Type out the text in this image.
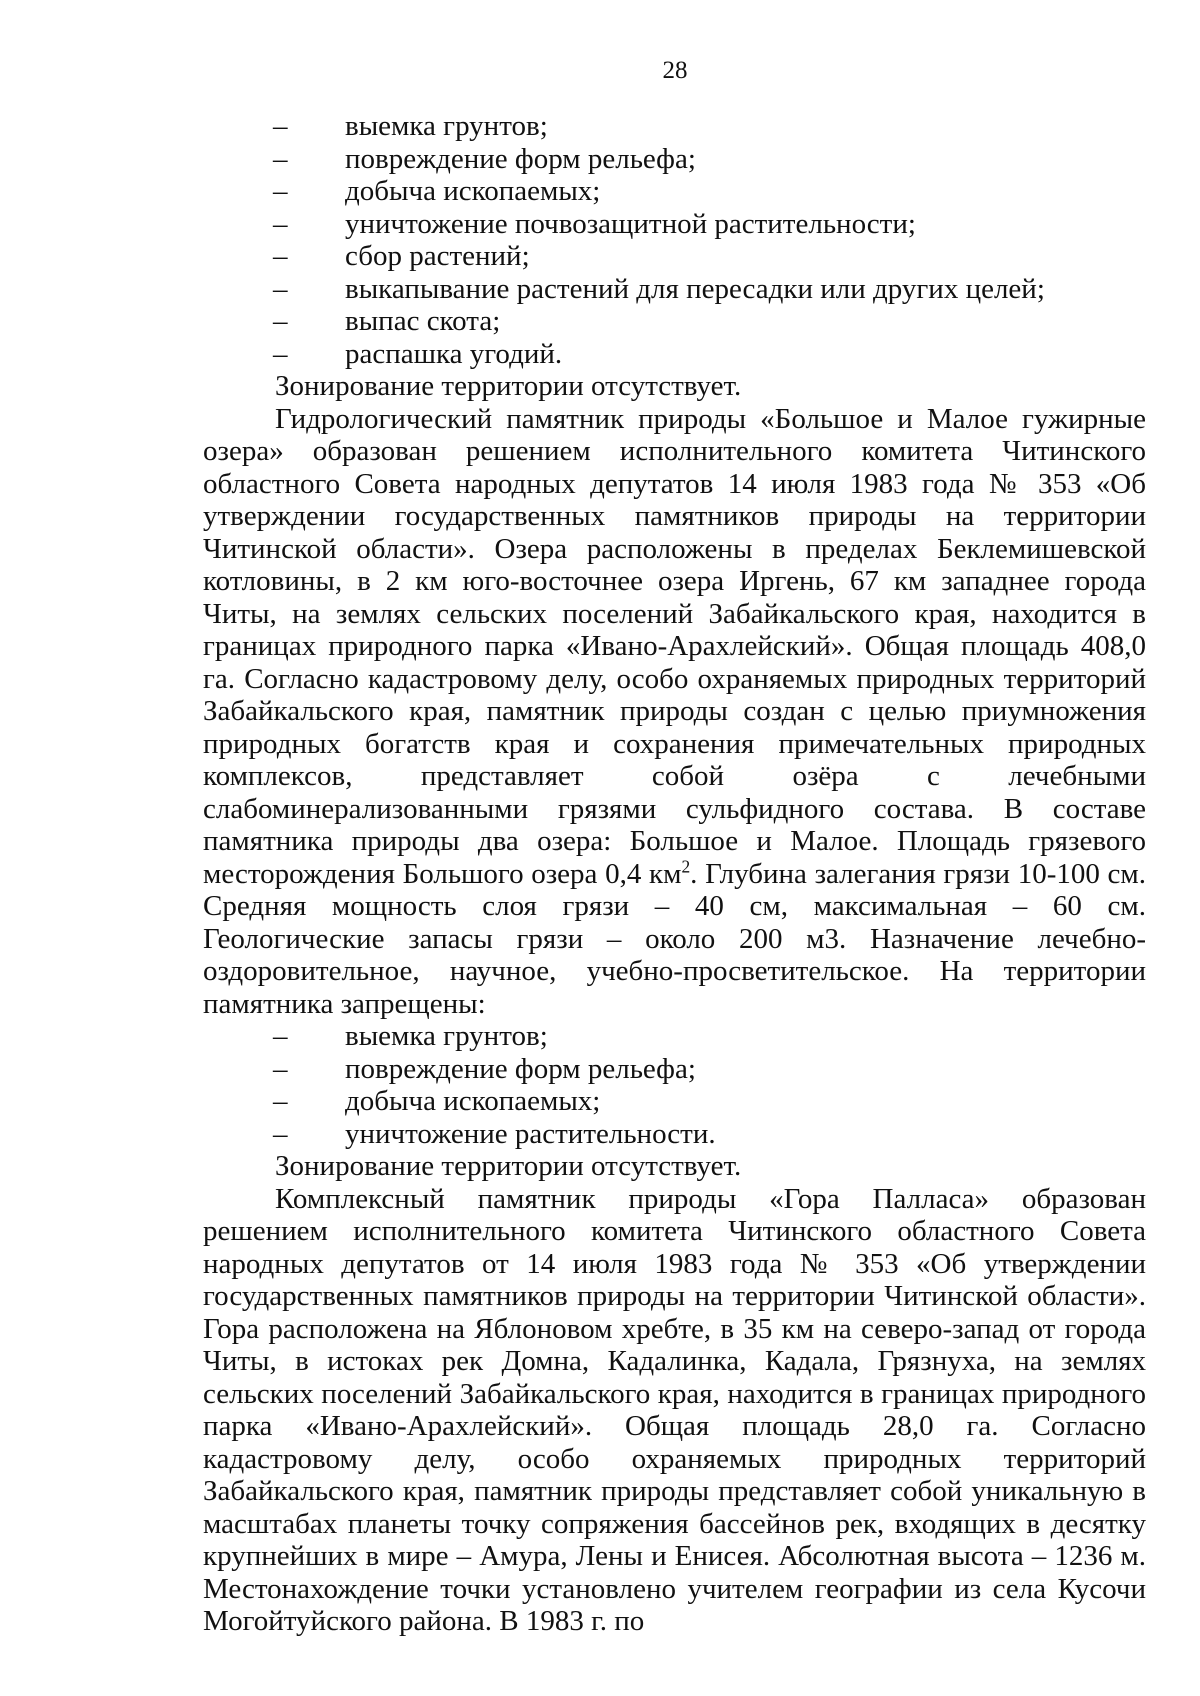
28
– выемка грунтов;
– повреждение форм рельефа;
– добыча ископаемых;
– уничтожение почвозащитной растительности;
– сбор растений;
– выкапывание растений для пересадки или других целей;
– выпас скота;
– распашка угодий.

Зонирование территории отсутствует.

Гидрологический памятник природы «Большое и Малое гужирные озера» образован решением исполнительного комитета Читинского областного Совета народных депутатов 14 июля 1983 года № 353 «Об утверждении государственных памятников природы на территории Читинской области». Озера расположены в пределах Беклемишевской котловины, в 2 км юго-восточнее озера Иргень, 67 км западнее города Читы, на землях сельских поселений Забайкальского края, находится в границах природного парка «Ивано-Арахлейский». Общая площадь 408,0 га. Согласно кадастровому делу, особо охраняемых природных территорий Забайкальского края, памятник природы создан с целью приумножения природных богатств края и сохранения примечательных природных комплексов, представляет собой озёра с лечебными слабоминерализованными грязями сульфидного состава. В составе памятника природы два озера: Большое и Малое. Площадь грязевого месторождения Большого озера 0,4 $км^2$. Глубина залегания грязи 10-100 см. Средняя мощность слоя грязи – 40 см, максимальная – 60 см. Геологические запасы грязи – около 200 м3. Назначение лечебно-оздоровительное, научное, учебно-просветительское. На территории памятника запрещены:

– выемка грунтов;
– повреждение форм рельефа;
– добыча ископаемых;
– уничтожение растительности.

Зонирование территории отсутствует.

Комплексный памятник природы «Гора Палласа» образован решением исполнительного комитета Читинского областного Совета народных депутатов от 14 июля 1983 года № 353 «Об утверждении государственных памятников природы на территории Читинской области». Гора расположена на Яблоновом хребте, в 35 км на северо-запад от города Читы, в истоках рек Домна, Кадалинка, Кадала, Грязнуха, на землях сельских поселений Забайкальского края, находится в границах природного парка «Ивано-Арахлейский». Общая площадь 28,0 га. Согласно кадастровому делу, особо охраняемых природных территорий Забайкальского края, памятник природы представляет собой уникальную в масштабах планеты точку сопряжения бассейнов рек, входящих в десятку крупнейших в мире – Амура, Лены и Енисея. Абсолютная высота – 1236 м. Местонахождение точки установлено учителем географии из села Кусочи Могойтуйского района. В 1983 г. по
